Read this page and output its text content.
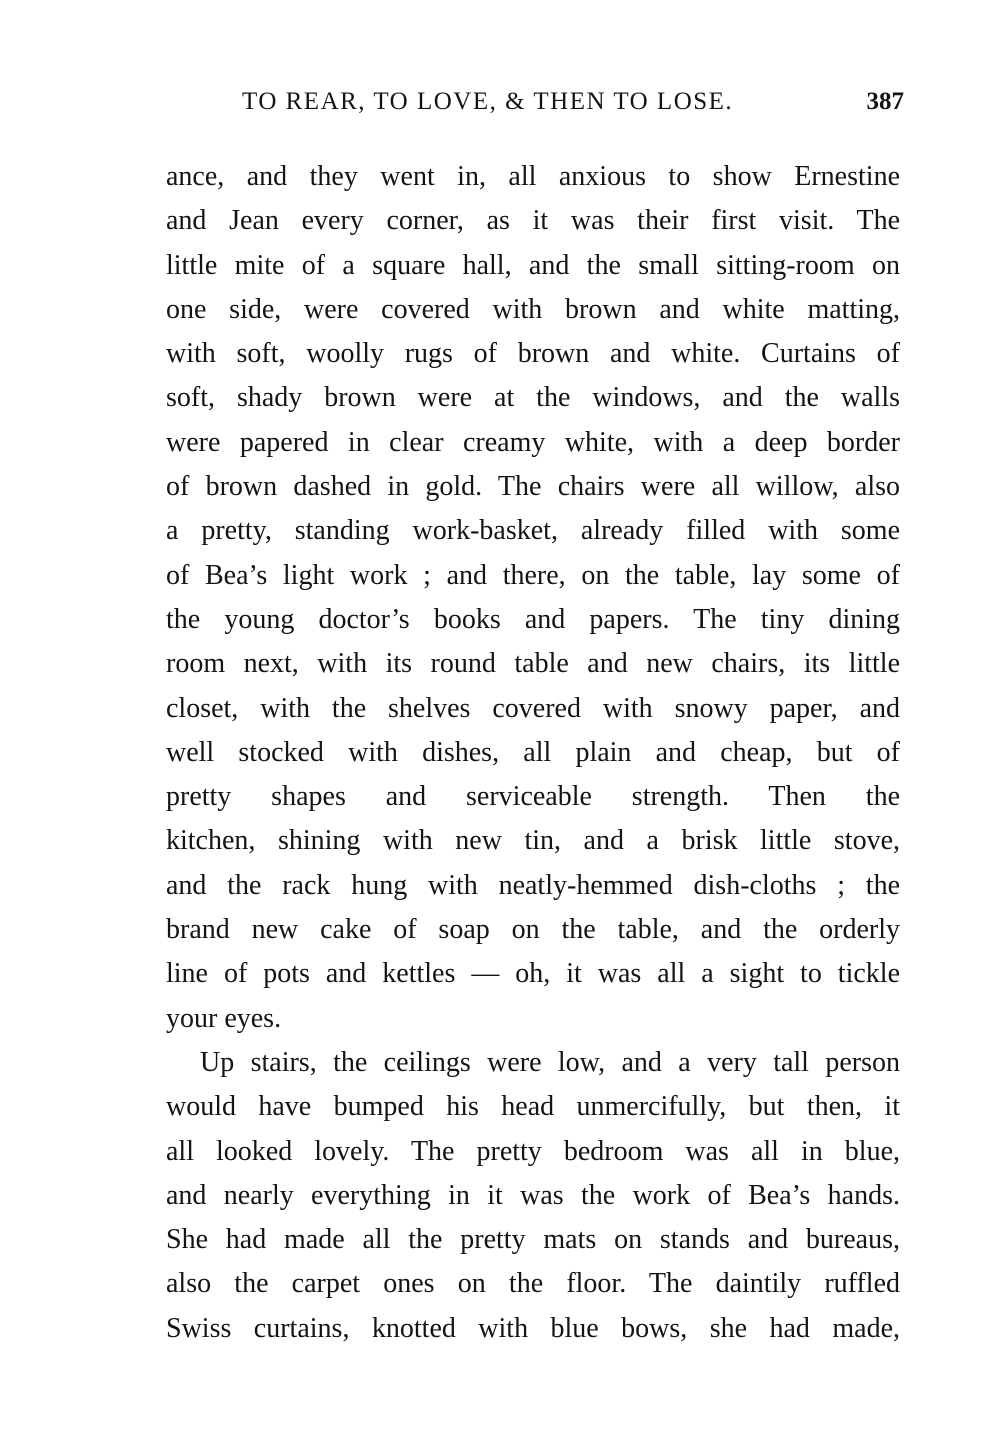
TO REAR, TO LOVE, & THEN TO LOSE.	387
ance, and they went in, all anxious to show Ernestine
and Jean every corner, as it was their first visit. The
little mite of a square hall, and the small sitting-room on
one side, were covered with brown and white matting,
with soft, woolly rugs of brown and white. Curtains of
soft, shady brown were at the windows, and the walls
were papered in clear creamy white, with a deep border
of brown dashed in gold. The chairs were all willow, also
a pretty, standing work-basket, already filled with some
of Bea’s light work ; and there, on the table, lay some of
the young doctor’s books and papers. The tiny dining
room next, with its round table and new chairs, its little
closet, with the shelves covered with snowy paper, and
well stocked with dishes, all plain and cheap, but of
pretty shapes and serviceable strength. Then the
kitchen, shining with new tin, and a brisk little stove,
and the rack hung with neatly-hemmed dish-cloths ; the
brand new cake of soap on the table, and the orderly
line of pots and kettles — oh, it was all a sight to tickle
your eyes.
Up stairs, the ceilings were low, and a very tall person
would have bumped his head unmercifully, but then, it
all looked lovely. The pretty bedroom was all in blue,
and nearly everything in it was the work of Bea’s hands.
She had made all the pretty mats on stands and bureaus,
also the carpet ones on the floor. The daintily ruffled
Swiss curtains, knotted with blue bows, she had made,
